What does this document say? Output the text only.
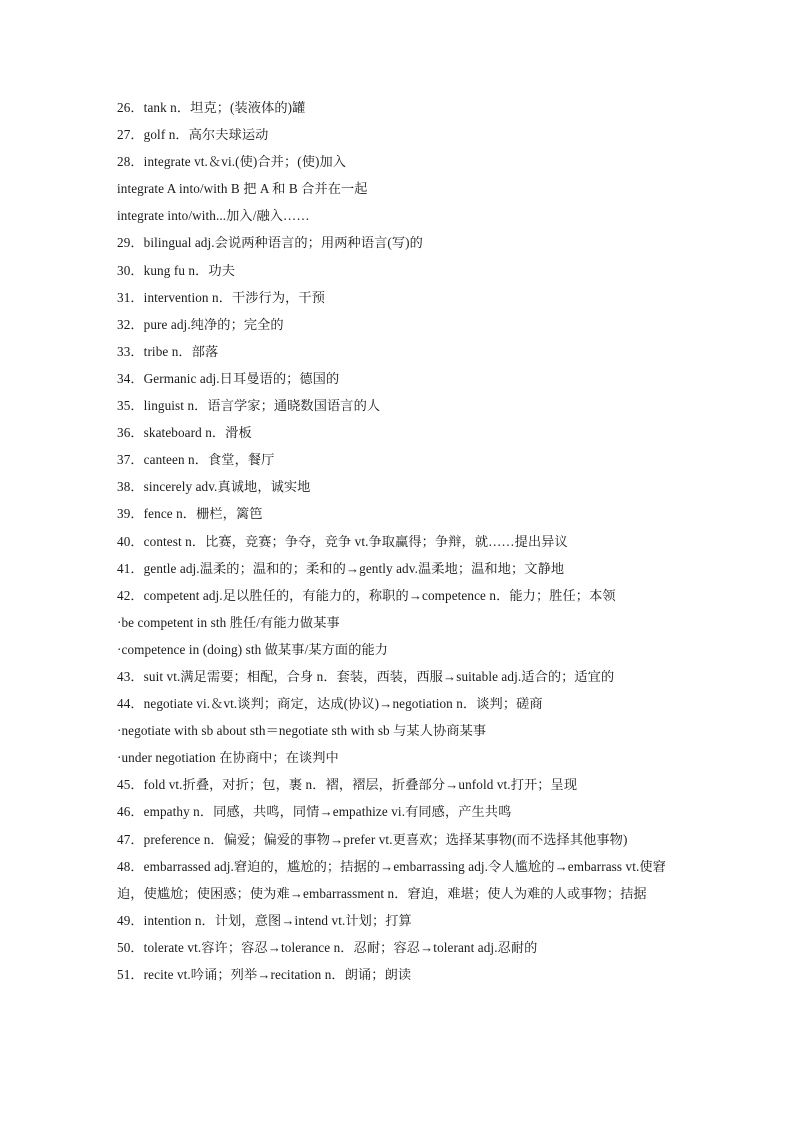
26．tank n．坦克；(装液体的)罐
27．golf n．高尔夫球运动
28．integrate vt.＆vi.(使)合并；(使)加入
integrate A into/with B 把 A 和 B 合并在一起
integrate into/with...加入/融入……
29．bilingual adj.会说两种语言的；用两种语言(写)的
30．kung fu n．功夫
31．intervention n．干涉行为，干预
32．pure adj.纯净的；完全的
33．tribe n．部落
34．Germanic adj.日耳曼语的；德国的
35．linguist n．语言学家；通晓数国语言的人
36．skateboard n．滑板
37．canteen n．食堂，餐厅
38．sincerely adv.真诚地，诚实地
39．fence n．栅栏，篱笆
40．contest n．比赛，竞赛；争夺，竞争 vt.争取赢得；争辩，就……提出异议
41．gentle adj.温柔的；温和的；柔和的→gently adv.温柔地；温和地；文静地
42．competent adj.足以胜任的，有能力的，称职的→competence n．能力；胜任；本领
·be competent in sth 胜任/有能力做某事
·competence in (doing) sth 做某事/某方面的能力
43．suit vt.满足需要；相配，合身 n．套装，西装，西服→suitable adj.适合的；适宜的
44．negotiate vi.＆vt.谈判；商定，达成(协议)→negotiation n．谈判；磋商
·negotiate with sb about sth＝negotiate sth with sb 与某人协商某事
·under negotiation 在协商中；在谈判中
45．fold vt.折叠，对折；包，裹 n．褶，褶层，折叠部分→unfold vt.打开；呈现
46．empathy n．同感，共鸣，同情→empathize vi.有同感，产生共鸣
47．preference n．偏爱；偏爱的事物→prefer vt.更喜欢；选择某事物(而不选择其他事物)
48．embarrassed adj.窘迫的，尴尬的；拮据的→embarrassing adj.令人尴尬的→embarrass vt.使窘迫，使尴尬；使困惑；使为难→embarrassment n．窘迫，难堪；使人为难的人或事物；拮据
49．intention n．计划，意图→intend vt.计划；打算
50．tolerate vt.容许；容忍→tolerance n．忍耐；容忍→tolerant adj.忍耐的
51．recite vt.吟诵；列举→recitation n．朗诵；朗读
